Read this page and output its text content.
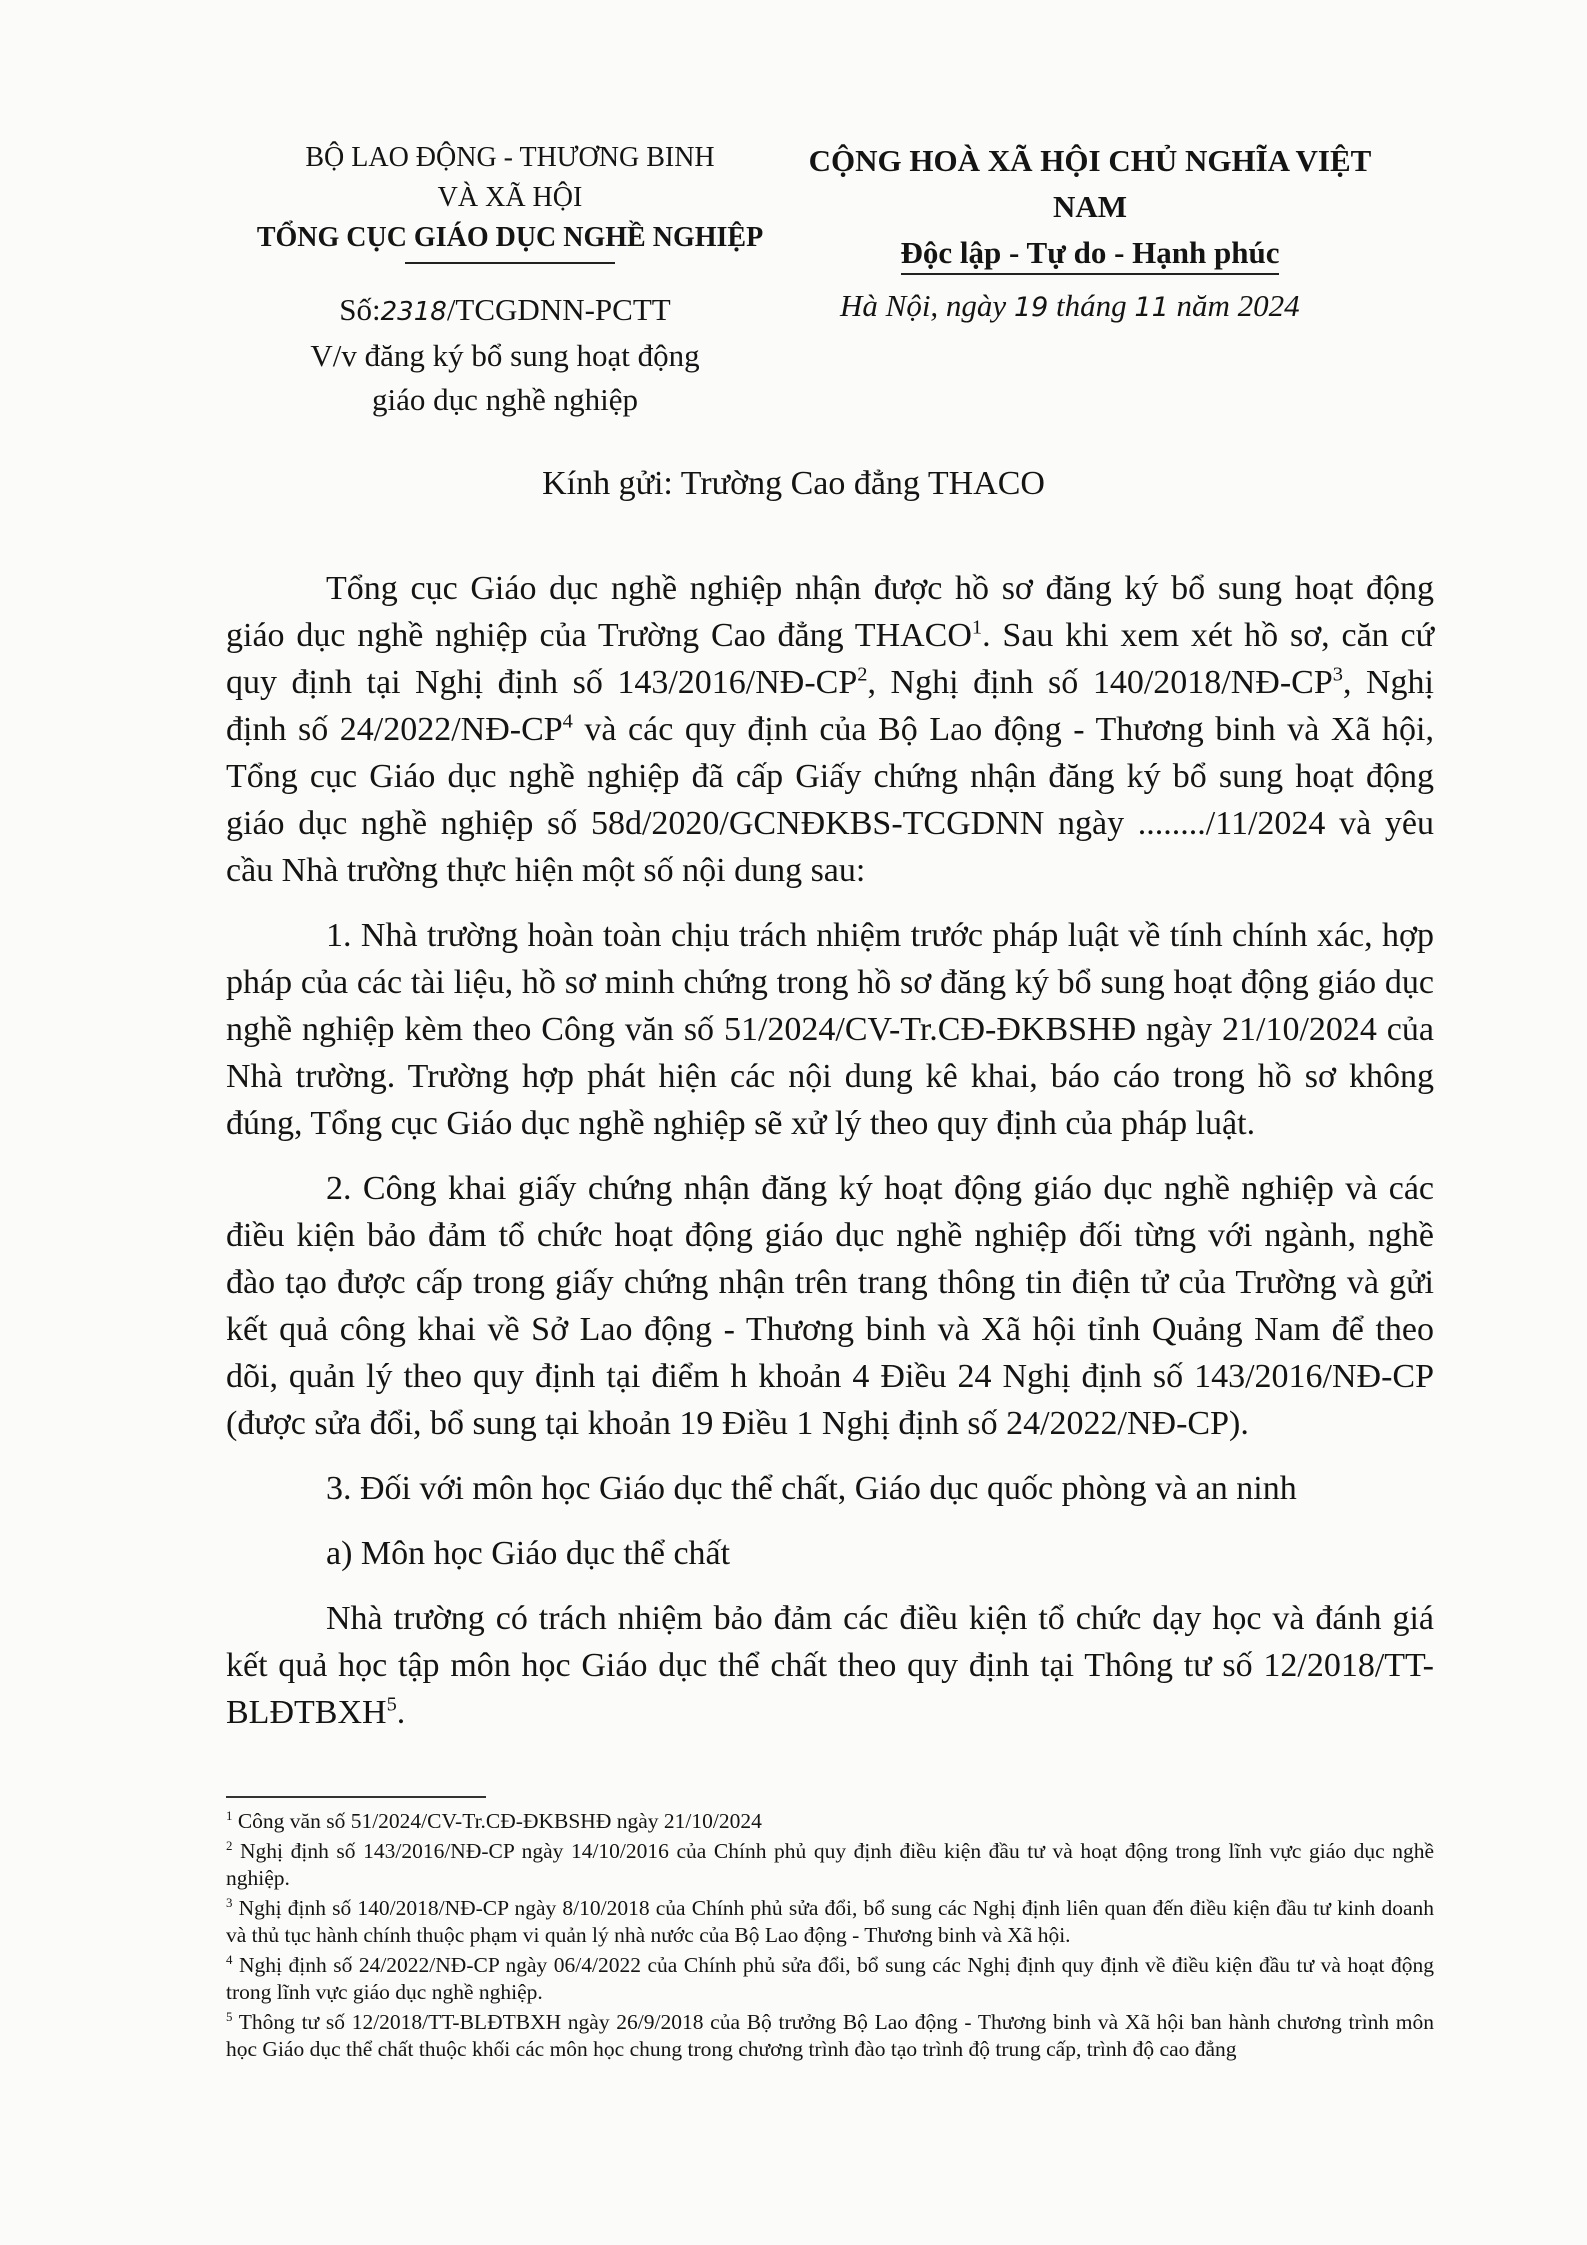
BỘ LAO ĐỘNG - THƯƠNG BINH
VÀ XÃ HỘI
TỔNG CỤC GIÁO DỤC NGHỀ NGHIỆP
CỘNG HOÀ XÃ HỘI CHỦ NGHĨA VIỆT NAM
Độc lập - Tự do - Hạnh phúc
Số:2318/TCGDNN-PCTT
V/v đăng ký bổ sung hoạt động
giáo dục nghề nghiệp
Hà Nội, ngày 19 tháng 11 năm 2024
Kính gửi: Trường Cao đẳng THACO

Tổng cục Giáo dục nghề nghiệp nhận được hồ sơ đăng ký bổ sung hoạt động giáo dục nghề nghiệp của Trường Cao đẳng THACO$^1$. Sau khi xem xét hồ sơ, căn cứ quy định tại Nghị định số $143/2016/NĐ-CP^2$, Nghị định số $140/2018/NĐ-CP^3$, Nghị định số $24/2022/NĐ-CP^4$ và các quy định của Bộ Lao động - Thương binh và Xã hội, Tổng cục Giáo dục nghề nghiệp đã cấp Giấy chứng nhận đăng ký bổ sung hoạt động giáo dục nghề nghiệp số 58d/2020/GCNĐKBS-TCGDNN ngày ......../11/2024 và yêu cầu Nhà trường thực hiện một số nội dung sau:

1. Nhà trường hoàn toàn chịu trách nhiệm trước pháp luật về tính chính xác, hợp pháp của các tài liệu, hồ sơ minh chứng trong hồ sơ đăng ký bổ sung hoạt động giáo dục nghề nghiệp kèm theo Công văn số 51/2024/CV-Tr.CĐ-ĐKBSHĐ ngày 21/10/2024 của Nhà trường. Trường hợp phát hiện các nội dung kê khai, báo cáo trong hồ sơ không đúng, Tổng cục Giáo dục nghề nghiệp sẽ xử lý theo quy định của pháp luật.

2. Công khai giấy chứng nhận đăng ký hoạt động giáo dục nghề nghiệp và các điều kiện bảo đảm tổ chức hoạt động giáo dục nghề nghiệp đối từng với ngành, nghề đào tạo được cấp trong giấy chứng nhận trên trang thông tin điện tử của Trường và gửi kết quả công khai về Sở Lao động - Thương binh và Xã hội tỉnh Quảng Nam để theo dõi, quản lý theo quy định tại điểm h khoản 4 Điều 24 Nghị định số 143/2016/NĐ-CP (được sửa đổi, bổ sung tại khoản 19 Điều 1 Nghị định số 24/2022/NĐ-CP).

3. Đối với môn học Giáo dục thể chất, Giáo dục quốc phòng và an ninh

a) Môn học Giáo dục thể chất

Nhà trường có trách nhiệm bảo đảm các điều kiện tổ chức dạy học và đánh giá kết quả học tập môn học Giáo dục thể chất theo quy định tại Thông tư số 12/2018/TT-BLĐTBXH$^5$.

$^1$ Công văn số 51/2024/CV-Tr.CĐ-ĐKBSHĐ ngày 21/10/2024
$^2$ Nghị định số 143/2016/NĐ-CP ngày 14/10/2016 của Chính phủ quy định điều kiện đầu tư và hoạt động trong lĩnh vực giáo dục nghề nghiệp.
$^3$ Nghị định số 140/2018/NĐ-CP ngày 8/10/2018 của Chính phủ sửa đổi, bổ sung các Nghị định liên quan đến điều kiện đầu tư kinh doanh và thủ tục hành chính thuộc phạm vi quản lý nhà nước của Bộ Lao động - Thương binh và Xã hội.
$^4$ Nghị định số 24/2022/NĐ-CP ngày 06/4/2022 của Chính phủ sửa đổi, bổ sung các Nghị định quy định về điều kiện đầu tư và hoạt động trong lĩnh vực giáo dục nghề nghiệp.
$^5$ Thông tư số 12/2018/TT-BLĐTBXH ngày 26/9/2018 của Bộ trưởng Bộ Lao động - Thương binh và Xã hội ban hành chương trình môn học Giáo dục thể chất thuộc khối các môn học chung trong chương trình đào tạo trình độ trung cấp, trình độ cao đẳng
